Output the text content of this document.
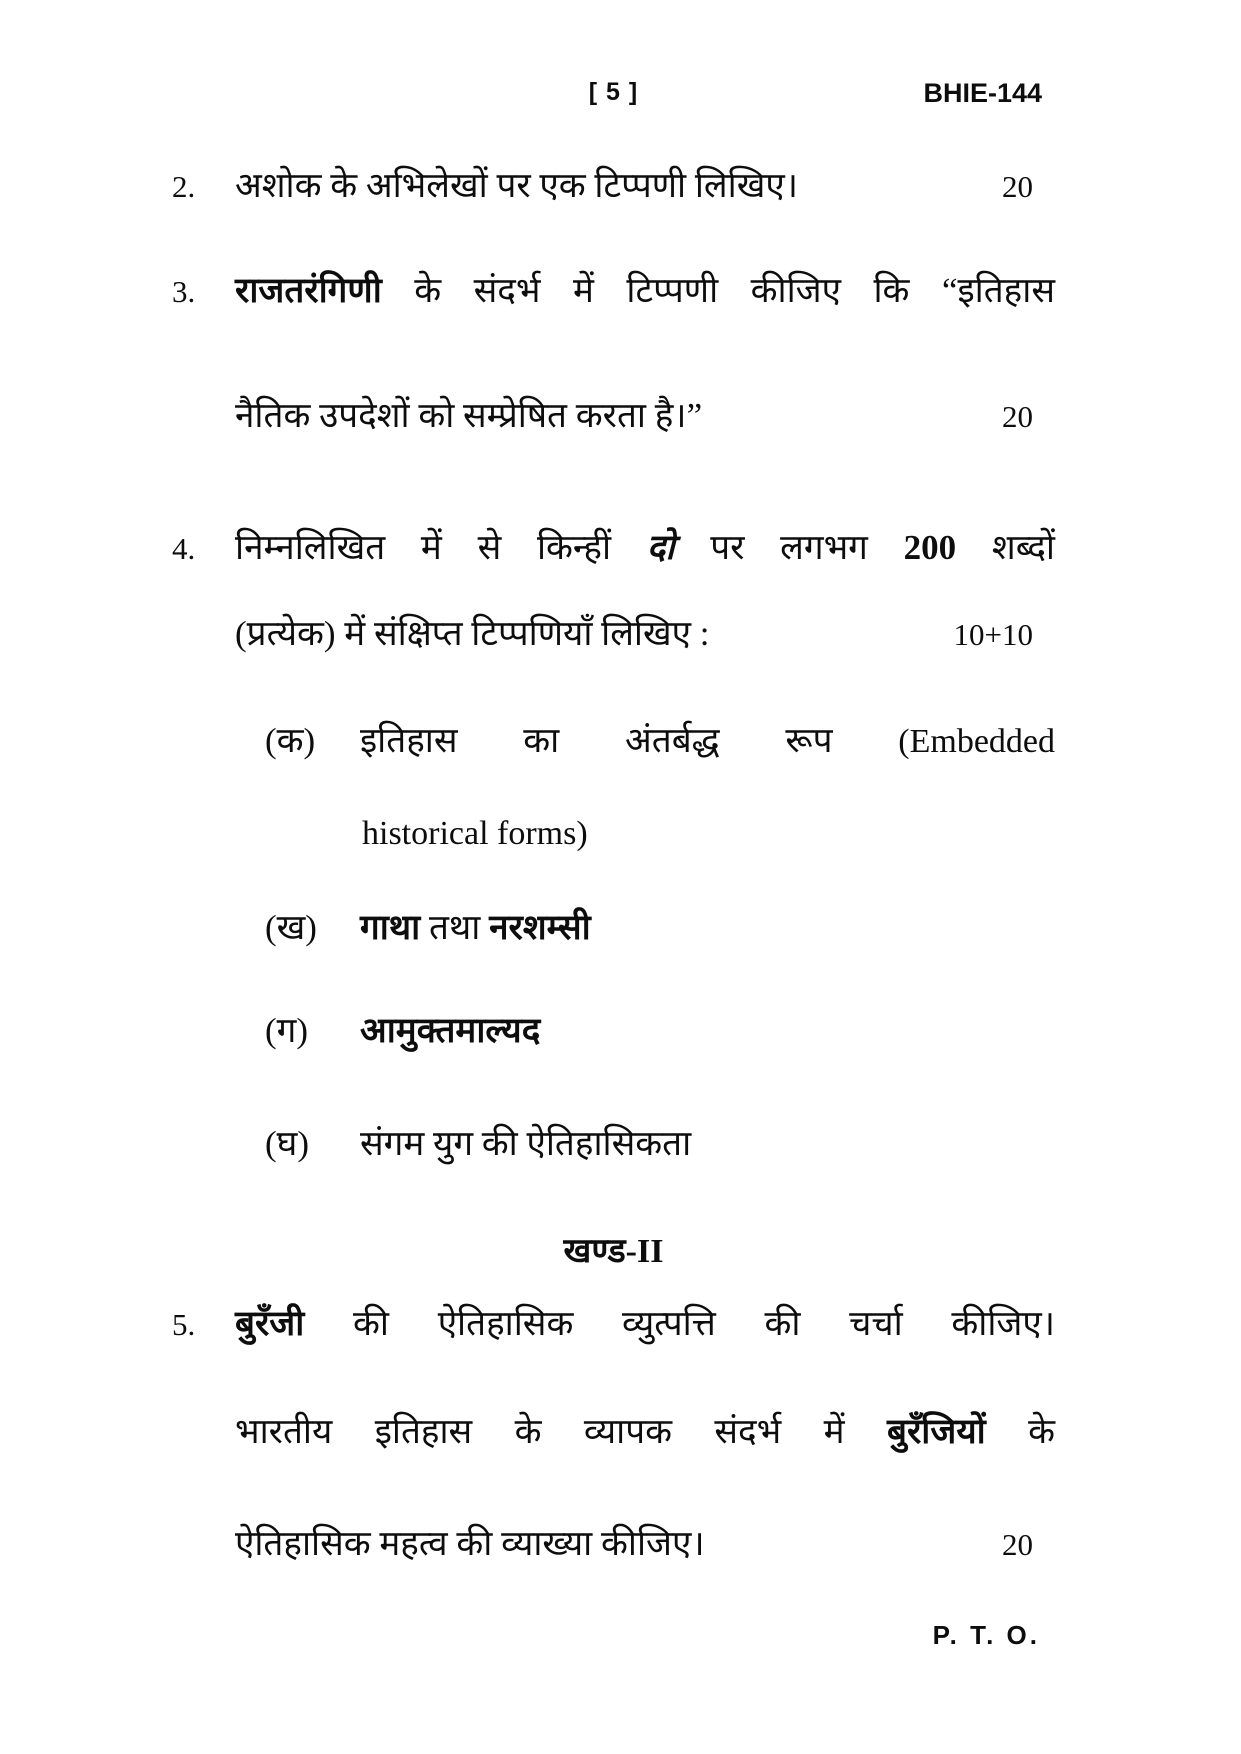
[ 5 ]	BHIE-144
2.	अशोक के अभिलेखों पर एक टिप्पणी लिखिए।	20
3.	राजतरंगिणी के संदर्भ में टिप्पणी कीजिए कि “इतिहास
नैतिक उपदेशों को सम्प्रेषित करता है।”	20
4.	निम्नलिखित में से किन्हीं दो पर लगभग 200 शब्दों
(प्रत्येक) में संक्षिप्त टिप्पणियाँ लिखिए :	10+10
(क)	इतिहास का अंतर्बद्ध रूप (Embedded
historical forms)
(ख)	गाथा तथा नरशम्सी
(ग)	आमुक्तमाल्यद
(घ)	संगम युग की ऐतिहासिकता
खण्ड-II
5.	बुरँजी की ऐतिहासिक व्युत्पत्ति की चर्चा कीजिए।
भारतीय इतिहास के व्यापक संदर्भ में बुरँजियों के
ऐतिहासिक महत्व की व्याख्या कीजिए।	20
P. T. O.
